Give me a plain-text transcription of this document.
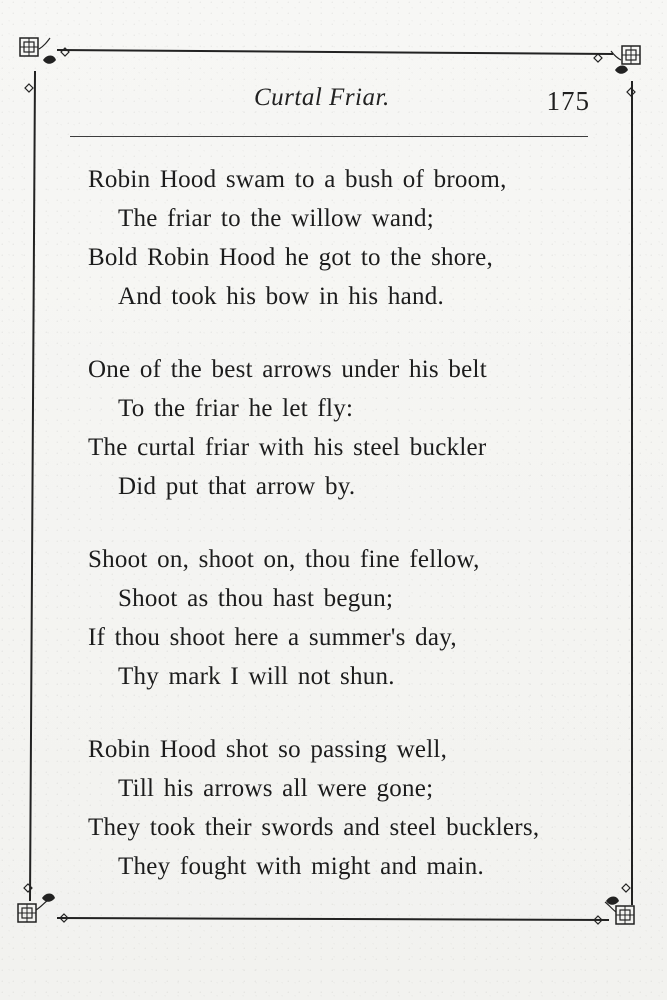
Curtal Friar.	175
Robin Hood swam to a bush of broom,
The friar to the willow wand;
Bold Robin Hood he got to the shore,
And took his bow in his hand.
One of the best arrows under his belt
To the friar he let fly:
The curtal friar with his steel buckler
Did put that arrow by.
Shoot on, shoot on, thou fine fellow,
Shoot as thou hast begun;
If thou shoot here a summer's day,
Thy mark I will not shun.
Robin Hood shot so passing well,
Till his arrows all were gone;
They took their swords and steel bucklers,
They fought with might and main.
